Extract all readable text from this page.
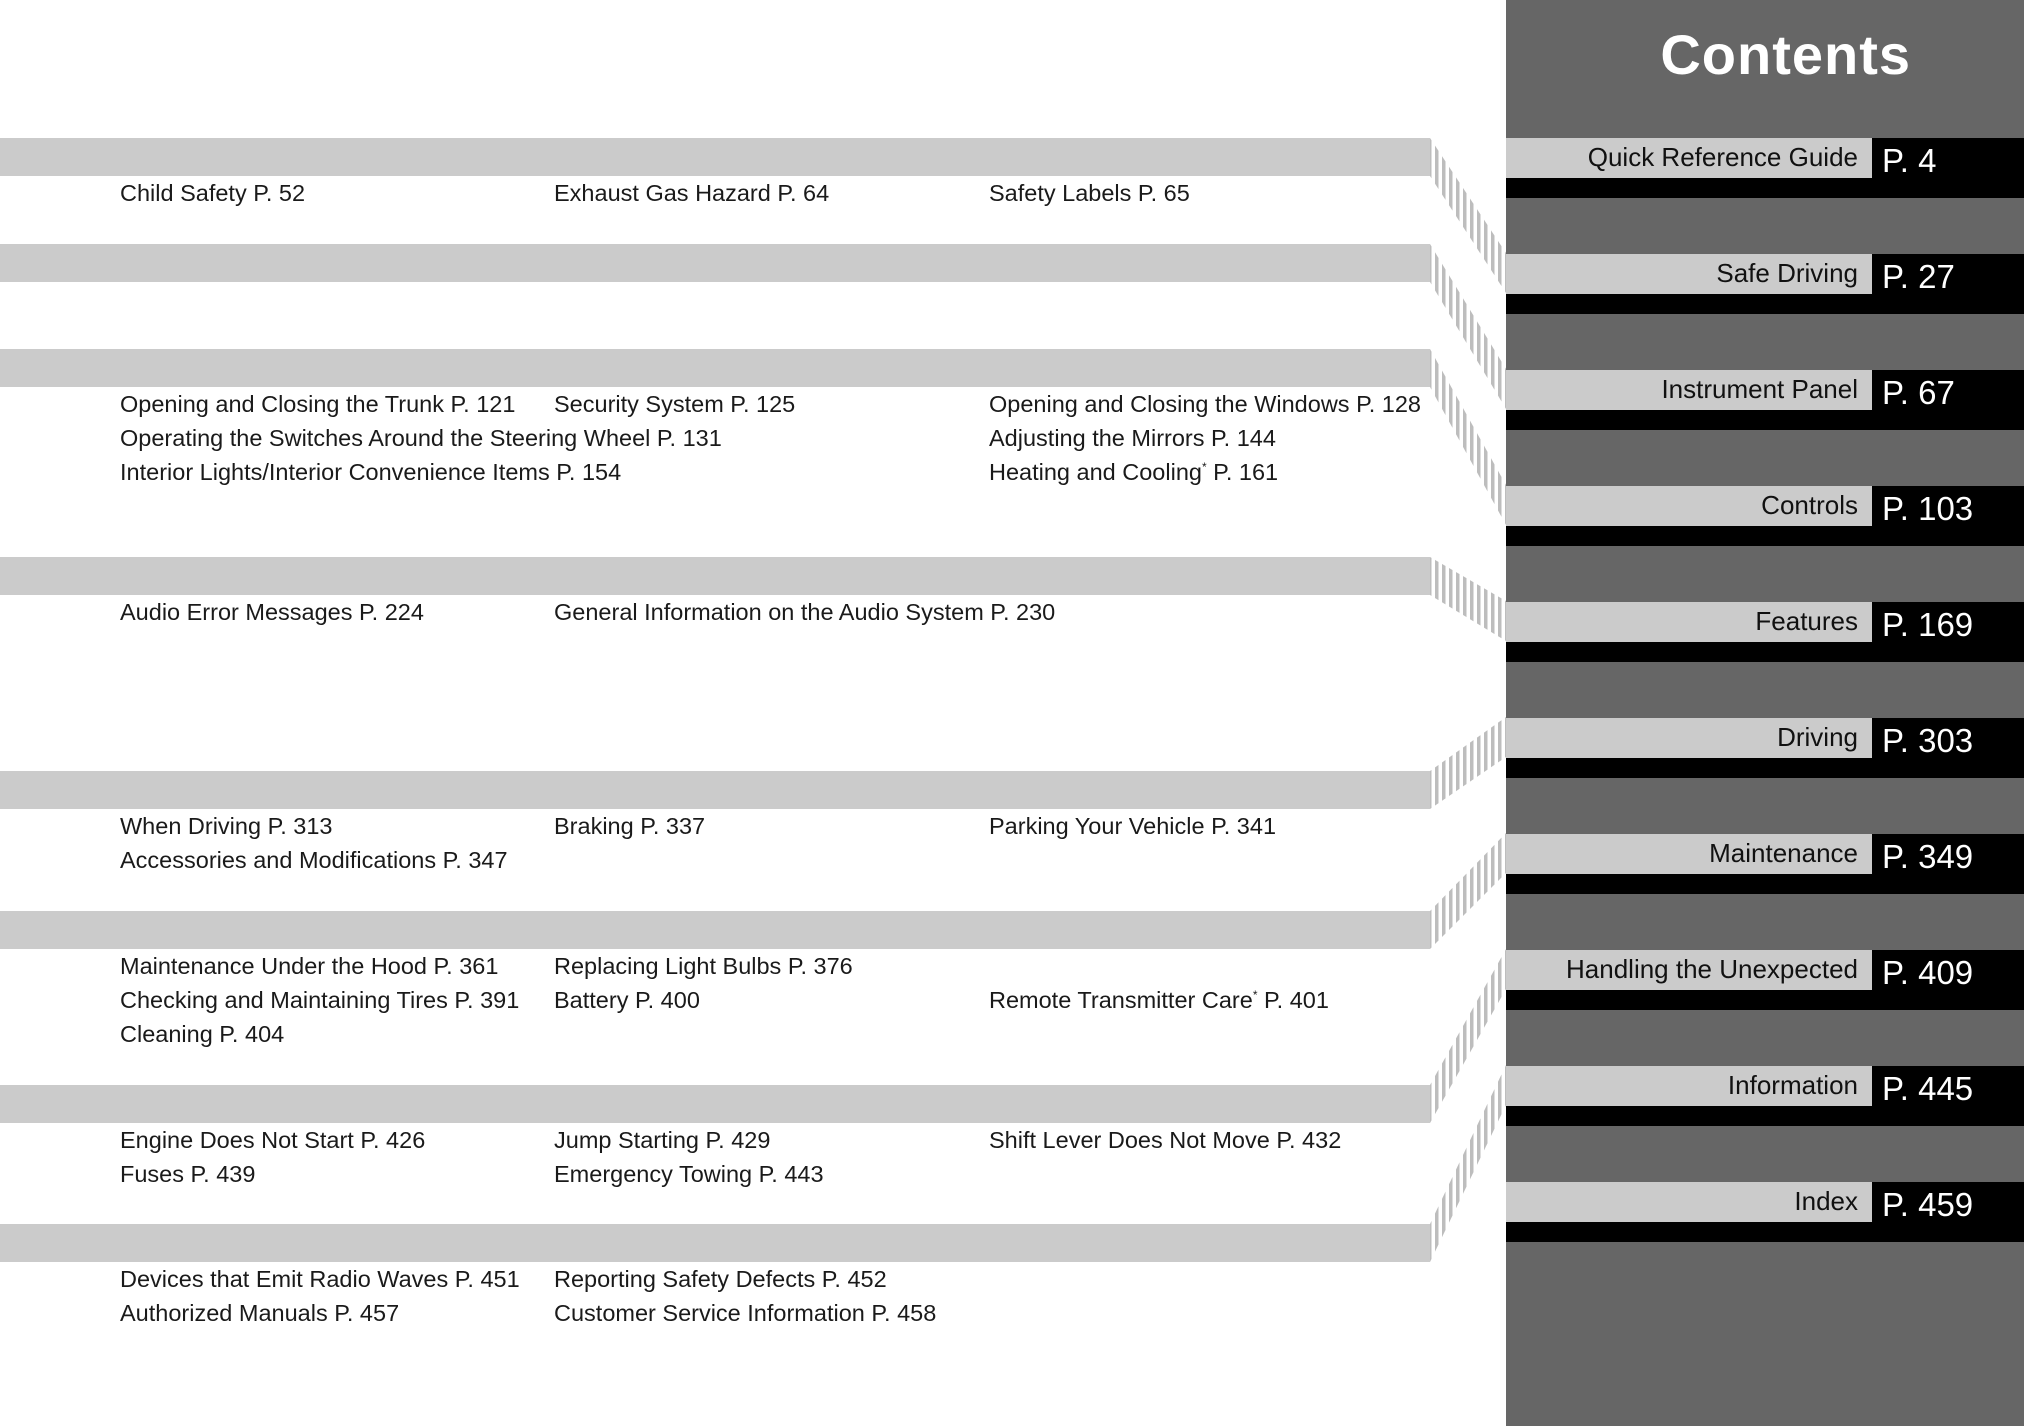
Child Safety P. 52	Exhaust Gas Hazard P. 64	Safety Labels P. 65
Opening and Closing the Trunk P. 121 Security System P. 125	Opening and Closing the Windows P. 128
Operating the Switches Around the Steering Wheel P. 131	Adjusting the Mirrors P. 144
Interior Lights/Interior Convenience Items P. 154	Heating and Cooling* P. 161
Audio Error Messages P. 224	General Information on the Audio System P. 230
When Driving P. 313	Braking P. 337	Parking Your Vehicle P. 341
Accessories and Modifications P. 347
Maintenance Under the Hood P. 361 Replacing Light Bulbs P. 376
Checking and Maintaining Tires P. 391 Battery P. 400	Remote Transmitter Care* P. 401
Cleaning P. 404
Engine Does Not Start P. 426	Jump Starting P. 429	Shift Lever Does Not Move P. 432
Fuses P. 439	Emergency Towing P. 443
Devices that Emit Radio Waves P. 451 Reporting Safety Defects P. 452
Authorized Manuals P. 457	Customer Service Information P. 458
Contents
Quick Reference Guide P. 4
Safe Driving P. 27
Instrument Panel P. 67
Controls P. 103
Features P. 169
Driving P. 303
Maintenance P. 349
Handling the Unexpected P. 409
Information P. 445
Index P. 459
